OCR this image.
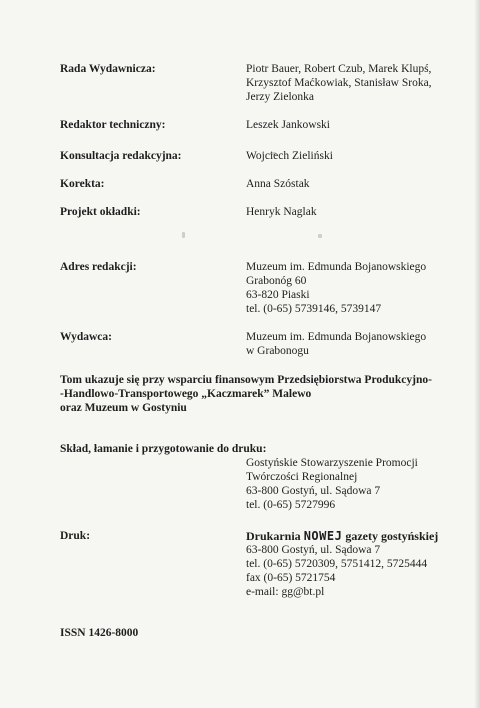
Rada Wydawnicza:	Piotr Bauer, Robert Czub, Marek Klupś,
Krzysztof Maćkowiak, Stanisław Sroka,
Jerzy Zielonka
Redaktor techniczny:	Leszek Jankowski
Konsultacja redakcyjna:	Wojciech Zieliński
Korekta:	Anna Szóstak
Projekt okładki:	Henryk Naglak
Adres redakcji:	Muzeum im. Edmunda Bojanowskiego
Grabonóg 60
63-820 Piaski
tel. (0-65) 5739146, 5739147
Wydawca:	Muzeum im. Edmunda Bojanowskiego
w Grabonogu
Tom ukazuje się przy wsparciu finansowym Przedsiębiorstwa Produkcyjno-
-Handlowo-Transportowego „Kaczmarek” Malewo
oraz Muzeum w Gostyniu
Skład, łamanie i przygotowanie do druku:
Gostyńskie Stowarzyszenie Promocji
Twórczości Regionalnej
63-800 Gostyń, ul. Sądowa 7
tel. (0-65) 5727996
Druk:	Drukarnia NOWEJ gazety gostyńskiej
63-800 Gostyń, ul. Sądowa 7
tel. (0-65) 5720309, 5751412, 5725444
fax (0-65) 5721754
e-mail: gg@bt.pl
ISSN 1426-8000
